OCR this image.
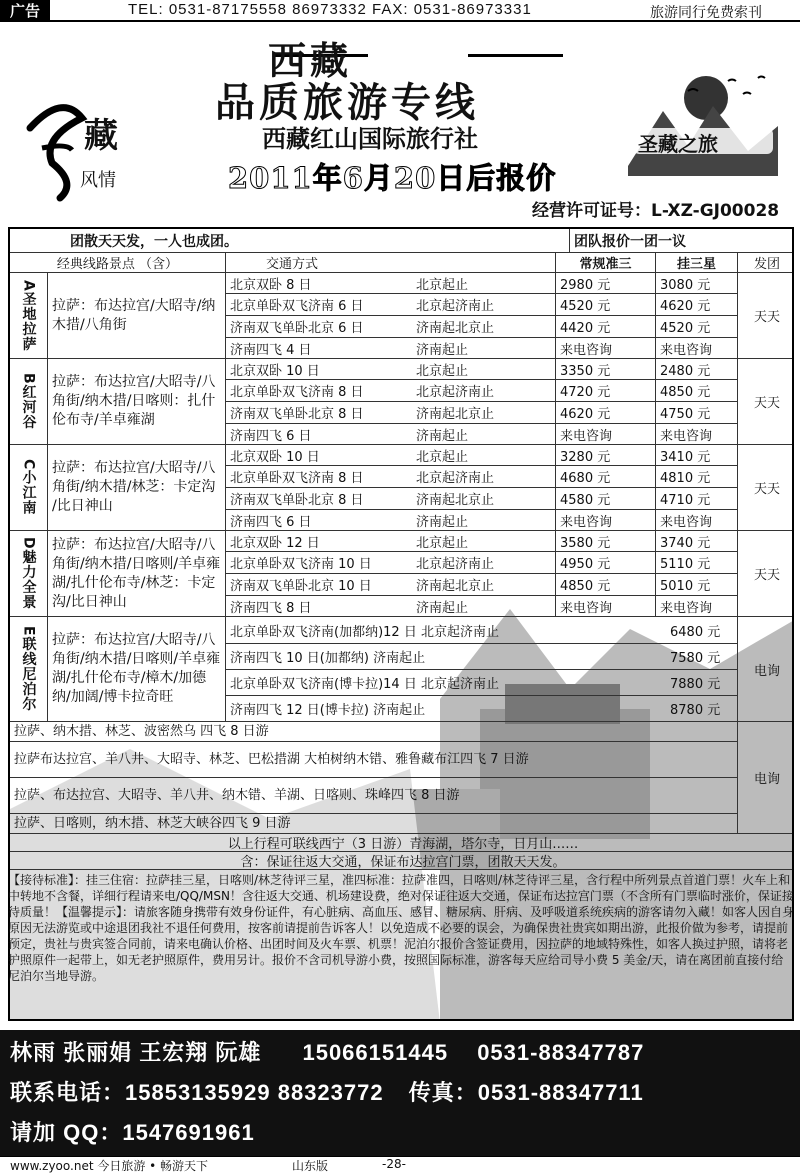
广告	TEL: 0531-87175558 86973332 FAX: 0531-86973331	旅游同行免费索刊
西藏
品质旅游专线
西藏红山国际旅行社
2011年6月20日后报价
经营许可证号：L-XZ-GJ00028
藏
风情
圣藏之旅
团散天天发，一人也成团。	团队报价一团一议
经典线路景点 （含）	交通方式	常规准三	挂三星	发团
A圣地拉萨	拉萨：布达拉宫/大昭寺/纳木措/八角街	天天
北京双卧 8 日	北京起止	2980 元	3080 元
北京单卧双飞济南 6 日	北京起济南止	4520 元	4620 元
济南双飞单卧北京 6 日	济南起北京止	4420 元	4520 元
济南四飞 4 日	济南起止	来电咨询	来电咨询
B红河谷	拉萨：布达拉宫/大昭寺/八角街/纳木措/日喀则：扎什伦布寺/羊卓雍湖
天天
北京双卧 10 日	北京起止	3350 元	2480 元
北京单卧双飞济南 8 日	北京起济南止	4720 元	4850 元
济南双飞单卧北京 8 日	济南起北京止	4620 元	4750 元
济南四飞 6 日	济南起止	来电咨询	来电咨询
C小江南	拉萨：布达拉宫/大昭寺/八角街/纳木措/林芝：卡定沟 /比日神山
天天
北京双卧 10 日	北京起止	3280 元	3410 元
北京单卧双飞济南 8 日	北京起济南止	4680 元	4810 元
济南双飞单卧北京 8 日	济南起北京止	4580 元	4710 元
济南四飞 6 日	济南起止	来电咨询	来电咨询
D魅力全景	拉萨：布达拉宫/大昭寺/八角街/纳木措/日喀则/羊卓雍湖/扎什伦布寺/林芝：卡定沟/比日神山
天天
北京双卧 12 日	北京起止	3580 元	3740 元
北京单卧双飞济南 10 日	北京起济南止	4950 元	5110 元
济南双飞单卧北京 10 日	济南起北京止	4850 元	5010 元
济南四飞 8 日	济南起止	来电咨询	来电咨询
E联线尼泊尔	拉萨：布达拉宫/大昭寺/八角街/纳木措/日喀则/羊卓雍湖/扎什伦布寺/樟木/加德纳/加阔/博卡拉奇旺
电询
北京单卧双飞济南(加都纳)12 日 北京起济南止	6480 元
济南四飞 10 日(加都纳) 济南起止	7580 元
北京单卧双飞济南(博卡拉)14 日 北京起济南止	7880 元
济南四飞 12 日(博卡拉) 济南起止	8780 元
电询
拉萨、纳木措、林芝、波密然乌 四飞 8 日游
拉萨布达拉宫、羊八井、大昭寺、林芝、巴松措湖 大柏树纳木错、雅鲁藏布江四飞 7 日游
拉萨、布达拉宫、大昭寺、羊八井、纳木错、羊湖、日喀则、珠峰四飞 8 日游
拉萨、日喀则，纳木措、林芝大峡谷四飞 9 日游
以上行程可联线西宁（3 日游）青海湖，塔尔寺，日月山……
含：保证往返大交通，保证布达拉宫门票，团散天天发。
【接待标准】：挂三住宿：拉萨挂三星，日喀则/林芝待评三星，准四标准：拉萨准四，日喀则/林芝待评三星，含行程中所列景点首道门票！火车上和中转地不含餐，详细行程请来电/QQ/MSN！含往返大交通、机场建设费，绝对保证往返大交通，保证布达拉宫门票（不含所有门票临时涨价，保证接待质量！【温馨提示】：请旅客随身携带有效身份证件，有心脏病、高血压、感冒、糖尿病、肝病、及呼吸道系统疾病的游客请勿入藏！如客人因自身原因无法游览或中途退团我社不退任何费用，按客前请提前告诉客人！以免造成不必要的误会，为确保贵社贵宾如期出游，此报价做为参考，请提前预定，贵社与贵宾签合同前，请来电确认价格、出团时间及火车票、机票！泥泊尔报价含签证费用，因拉萨的地域特殊性，如客人换过护照，请将老护照原件一起带上，如无老护照原件，费用另计。报价不含司机导游小费，按照国际标准，游客每天应给司导小费 5 美金/天，请在离团前直接付给尼泊尔当地导游。
林雨 张丽娟 王宏翔 阮雄 15066151445 0531-88347787
联系电话：15853135929 88323772 传真：0531-88347711
请加 QQ：1547691961
www.zyoo.net 今日旅游 • 畅游天下	山东版	-28-
